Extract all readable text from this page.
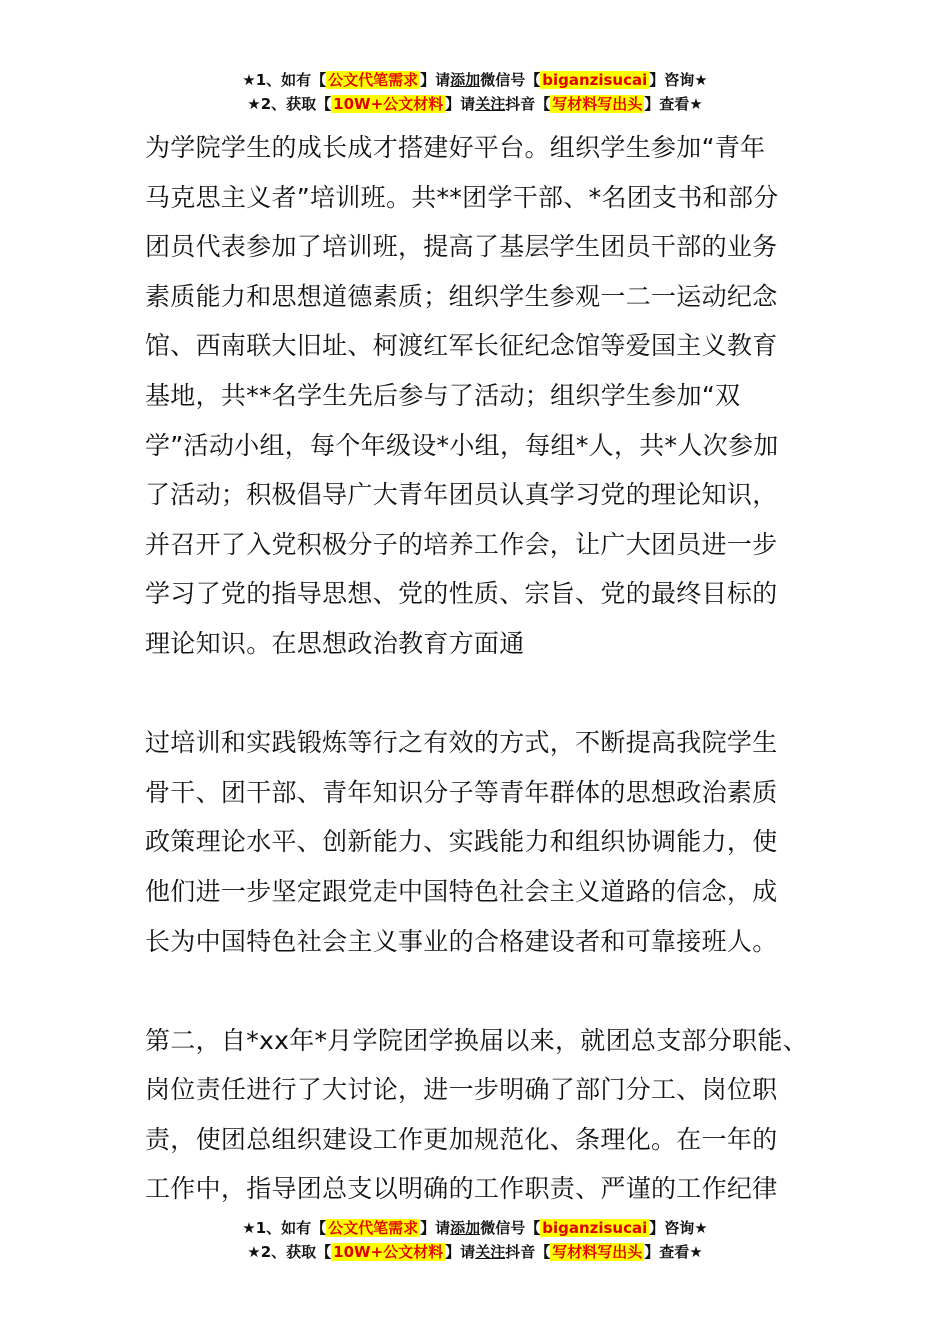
★1、如有【 公文代笔需求 】请添加微信号【 biganzisucai 】咨询★
★2、获取【 10W+公文材料 】请关注抖音【 写材料写出头 】查看★
为学院学生的成长成才搭建好平台。组织学生参加“青年
马克思主义者”培训班。共**团学干部、*名团支书和部分
团员代表参加了培训班，提高了基层学生团员干部的业务
素质能力和思想道德素质；组织学生参观一二一运动纪念
馆、西南联大旧址、柯渡红军长征纪念馆等爱国主义教育
基地，共**名学生先后参与了活动；组织学生参加“双
学”活动小组，每个年级设*小组，每组*人，共*人次参加
了活动；积极倡导广大青年团员认真学习党的理论知识，
并召开了入党积极分子的培养工作会，让广大团员进一步
学习了党的指导思想、党的性质、宗旨、党的最终目标的
理论知识。在思想政治教育方面通
过培训和实践锻炼等行之有效的方式，不断提高我院学生
骨干、团干部、青年知识分子等青年群体的思想政治素质
政策理论水平、创新能力、实践能力和组织协调能力，使
他们进一步坚定跟党走中国特色社会主义道路的信念，成
长为中国特色社会主义事业的合格建设者和可靠接班人。
第二，自*xx年*月学院团学换届以来，就团总支部分职能、
岗位责任进行了大讨论，进一步明确了部门分工、岗位职
责，使团总组织建设工作更加规范化、条理化。在一年的
工作中，指导团总支以明确的工作职责、严谨的工作纪律
★1、如有【 公文代笔需求 】请添加微信号【 biganzisucai 】咨询★
★2、获取【 10W+公文材料 】请关注抖音【 写材料写出头 】查看★
